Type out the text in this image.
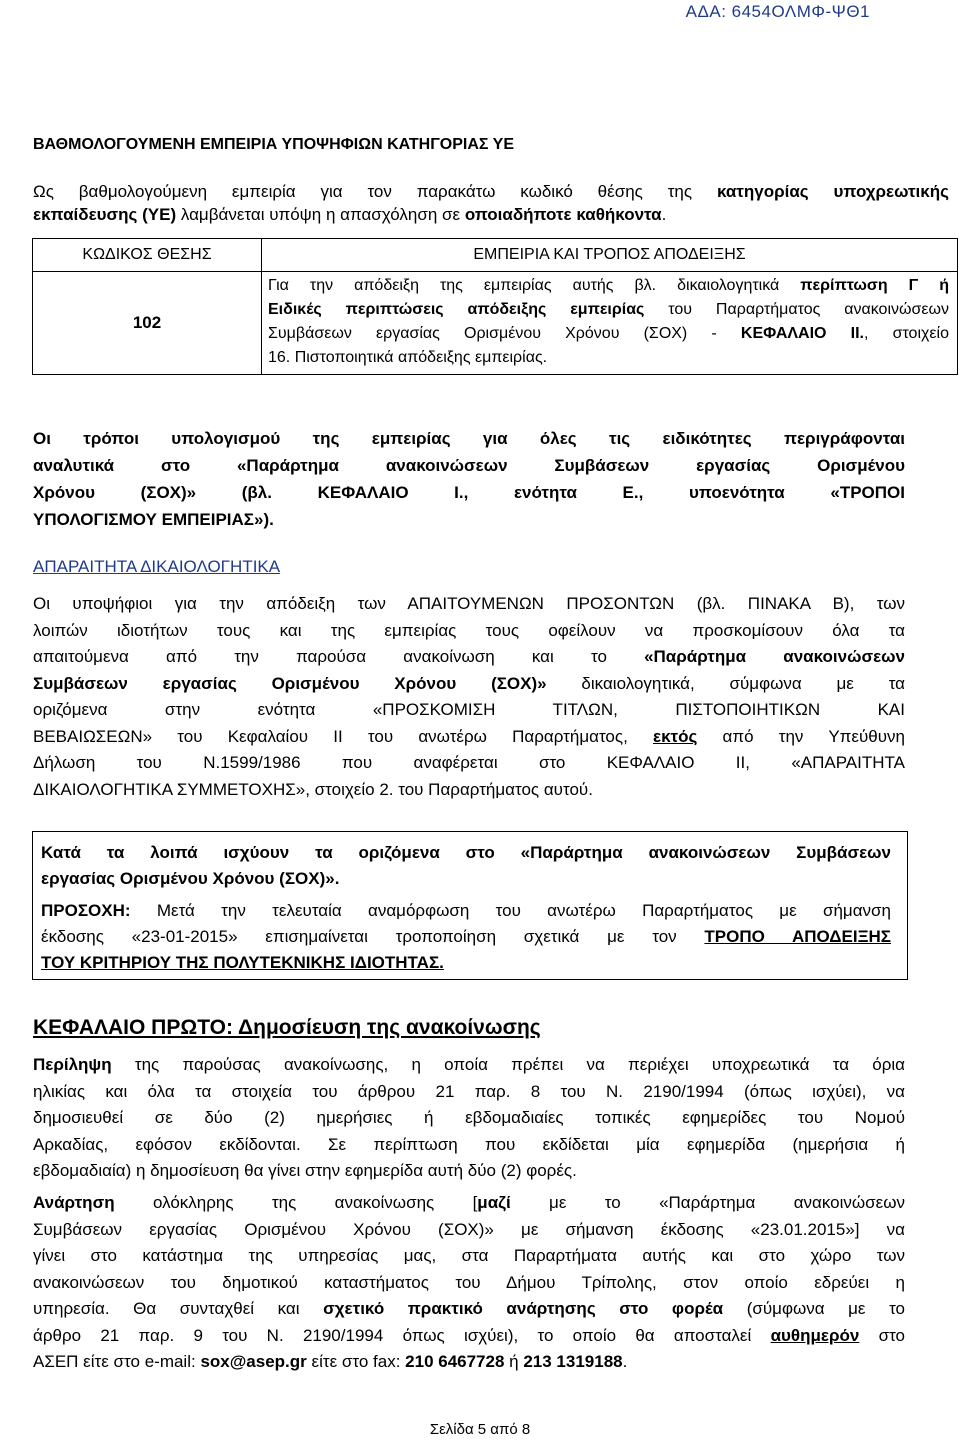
ΑΔΑ: 6454ΟΛΜΦ-ΨΘ1
ΒΑΘΜΟΛΟΓΟΥΜΕΝΗ ΕΜΠΕΙΡΙΑ ΥΠΟΨΗΦΙΩΝ ΚΑΤΗΓΟΡΙΑΣ ΥΕ
Ως βαθμολογούμενη εμπειρία για τον παρακάτω κωδικό θέσης της κατηγορίας υποχρεωτικής
εκπαίδευσης (ΥΕ) λαμβάνεται υπόψη η απασχόληση σε οποιαδήποτε καθήκοντα.
ΚΩΔΙΚΟΣ ΘΕΣΗΣ	ΕΜΠΕΙΡΙΑ ΚΑΙ ΤΡΟΠΟΣ ΑΠΟΔΕΙΞΗΣ
102	Για την απόδειξη της εμπειρίας αυτής βλ. δικαιολογητικά περίπτωση Γ ή
Ειδικές περιπτώσεις απόδειξης εμπειρίας του Παραρτήματος ανακοινώσεων
Συμβάσεων εργασίας Ορισμένου Χρόνου (ΣΟΧ) - ΚΕΦΑΛΑΙΟ ΙΙ., στοιχείο
16. Πιστοποιητικά απόδειξης εμπειρίας.
Οι τρόποι υπολογισμού της εμπειρίας για όλες τις ειδικότητες περιγράφονται
αναλυτικά στο «Παράρτημα ανακοινώσεων Συμβάσεων εργασίας Ορισμένου
Χρόνου (ΣΟΧ)» (βλ. ΚΕΦΑΛΑΙΟ Ι., ενότητα Ε., υποενότητα «ΤΡΟΠΟΙ
ΥΠΟΛΟΓΙΣΜΟΥ ΕΜΠΕΙΡΙΑΣ»).
ΑΠΑΡΑΙΤΗΤΑ ΔΙΚΑΙΟΛΟΓΗΤΙΚΑ
Οι υποψήφιοι για την απόδειξη των ΑΠΑΙΤΟΥΜΕΝΩΝ ΠΡΟΣΟΝΤΩΝ (βλ. ΠΙΝΑΚΑ Β), των
λοιπών ιδιοτήτων τους και της εμπειρίας τους οφείλουν να προσκομίσουν όλα τα
απαιτούμενα από την παρούσα ανακοίνωση και το «Παράρτημα ανακοινώσεων
Συμβάσεων εργασίας Ορισμένου Χρόνου (ΣΟΧ)» δικαιολογητικά, σύμφωνα με τα
οριζόμενα στην ενότητα «ΠΡΟΣΚΟΜΙΣΗ ΤΙΤΛΩΝ, ΠΙΣΤΟΠΟΙΗΤΙΚΩΝ ΚΑΙ
ΒΕΒΑΙΩΣΕΩΝ» του Κεφαλαίου ΙΙ του ανωτέρω Παραρτήματος, εκτός από την Υπεύθυνη
Δήλωση του Ν.1599/1986 που αναφέρεται στο ΚΕΦΑΛΑΙΟ ΙΙ, «ΑΠΑΡΑΙΤΗΤΑ
ΔΙΚΑΙΟΛΟΓΗΤΙΚΑ ΣΥΜΜΕΤΟΧΗΣ», στοιχείο 2. του Παραρτήματος αυτού.
Κατά τα λοιπά ισχύουν τα οριζόμενα στο «Παράρτημα ανακοινώσεων Συμβάσεων
εργασίας Ορισμένου Χρόνου (ΣΟΧ)».
ΠΡΟΣΟΧΗ: Μετά την τελευταία αναμόρφωση του ανωτέρω Παραρτήματος με σήμανση
έκδοσης «23-01-2015» επισημαίνεται τροποποίηση σχετικά με τον ΤΡΟΠΟ ΑΠΟΔΕΙΞΗΣ
ΤΟΥ ΚΡΙΤΗΡΙΟΥ ΤΗΣ ΠΟΛΥΤΕΚΝΙΚΗΣ ΙΔΙΟΤΗΤΑΣ.
ΚΕΦΑΛΑΙΟ ΠΡΩΤΟ: Δημοσίευση της ανακοίνωσης
Περίληψη της παρούσας ανακοίνωσης, η οποία πρέπει να περιέχει υποχρεωτικά τα όρια
ηλικίας και όλα τα στοιχεία του άρθρου 21 παρ. 8 του Ν. 2190/1994 (όπως ισχύει), να
δημοσιευθεί σε δύο (2) ημερήσιες ή εβδομαδιαίες τοπικές εφημερίδες του Νομού
Αρκαδίας, εφόσον εκδίδονται. Σε περίπτωση που εκδίδεται μία εφημερίδα (ημερήσια ή
εβδομαδιαία) η δημοσίευση θα γίνει στην εφημερίδα αυτή δύο (2) φορές.
Ανάρτηση ολόκληρης της ανακοίνωσης [μαζί με το «Παράρτημα ανακοινώσεων
Συμβάσεων εργασίας Ορισμένου Χρόνου (ΣΟΧ)» με σήμανση έκδοσης «23.01.2015»] να
γίνει στο κατάστημα της υπηρεσίας μας, στα Παραρτήματα αυτής και στο χώρο των
ανακοινώσεων του δημοτικού καταστήματος του Δήμου Τρίπολης, στον οποίο εδρεύει η
υπηρεσία. Θα συνταχθεί και σχετικό πρακτικό ανάρτησης στο φορέα (σύμφωνα με το
άρθρο 21 παρ. 9 του Ν. 2190/1994 όπως ισχύει), το οποίο θα αποσταλεί αυθημερόν στο
ΑΣΕΠ είτε στο e-mail: sox@asep.gr είτε στο fax: 210 6467728 ή 213 1319188.
Σελίδα 5 από 8
